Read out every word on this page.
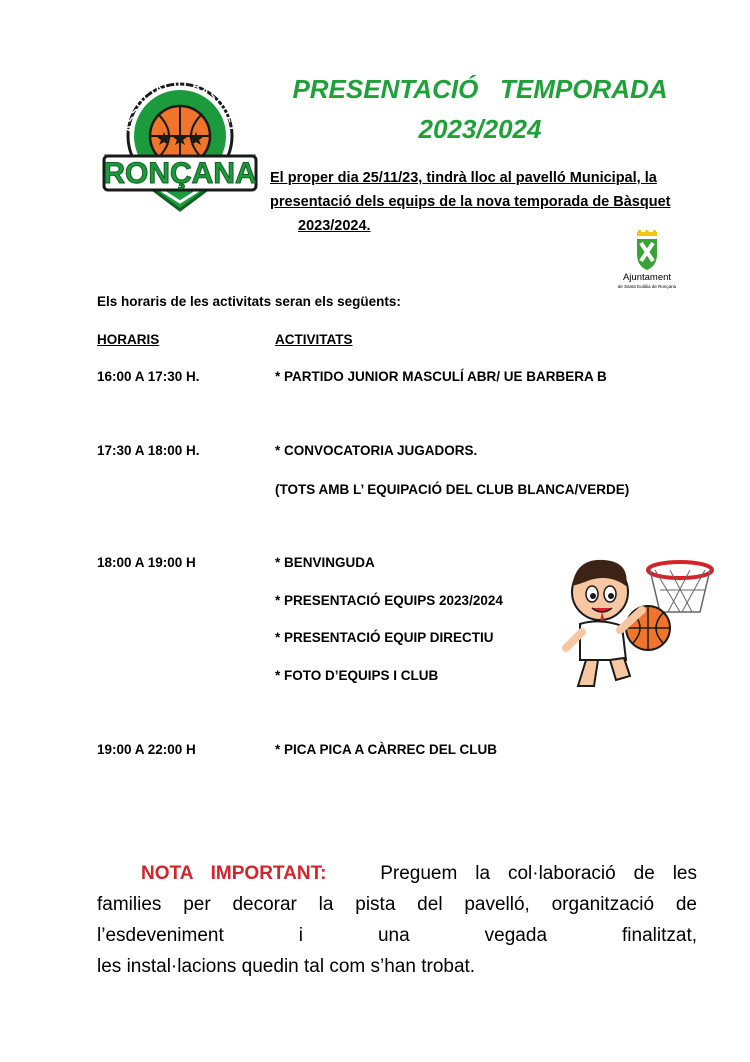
ASSOCIACIÓ BÀSQUET
RONÇANA
PRESENTACIÓ   TEMPORADA
2023/2024
El proper dia 25/11/23, tindrà lloc al pavelló Municipal, la
presentació dels equips de la nova temporada de Bàsquet
2023/2024.
Ajuntament
de Santa Eulàlia de Ronçana
Els horaris de les activitats seran els següents:
HORARIS	ACTIVITATS
16:00 A 17:30 H.	* PARTIDO JUNIOR MASCULÍ ABR/ UE BARBERA B
17:30 A 18:00 H.	* CONVOCATORIA JUGADORS.
(TOTS AMB L’ EQUIPACIÓ DEL CLUB BLANCA/VERDE)
18:00 A 19:00 H	* BENVINGUDA
* PRESENTACIÓ EQUIPS 2023/2024
* PRESENTACIÓ EQUIP DIRECTIU
* FOTO D’EQUIPS I CLUB
19:00 A 22:00 H	* PICA PICA A CÀRREC DEL CLUB
NOTA IMPORTANT:	Preguem la col·laboració de les
families per decorar la pista del pavelló, organització de
l’esdeveniment i una vegada finalitzat,
les instal·lacions quedin tal com s’han trobat.
